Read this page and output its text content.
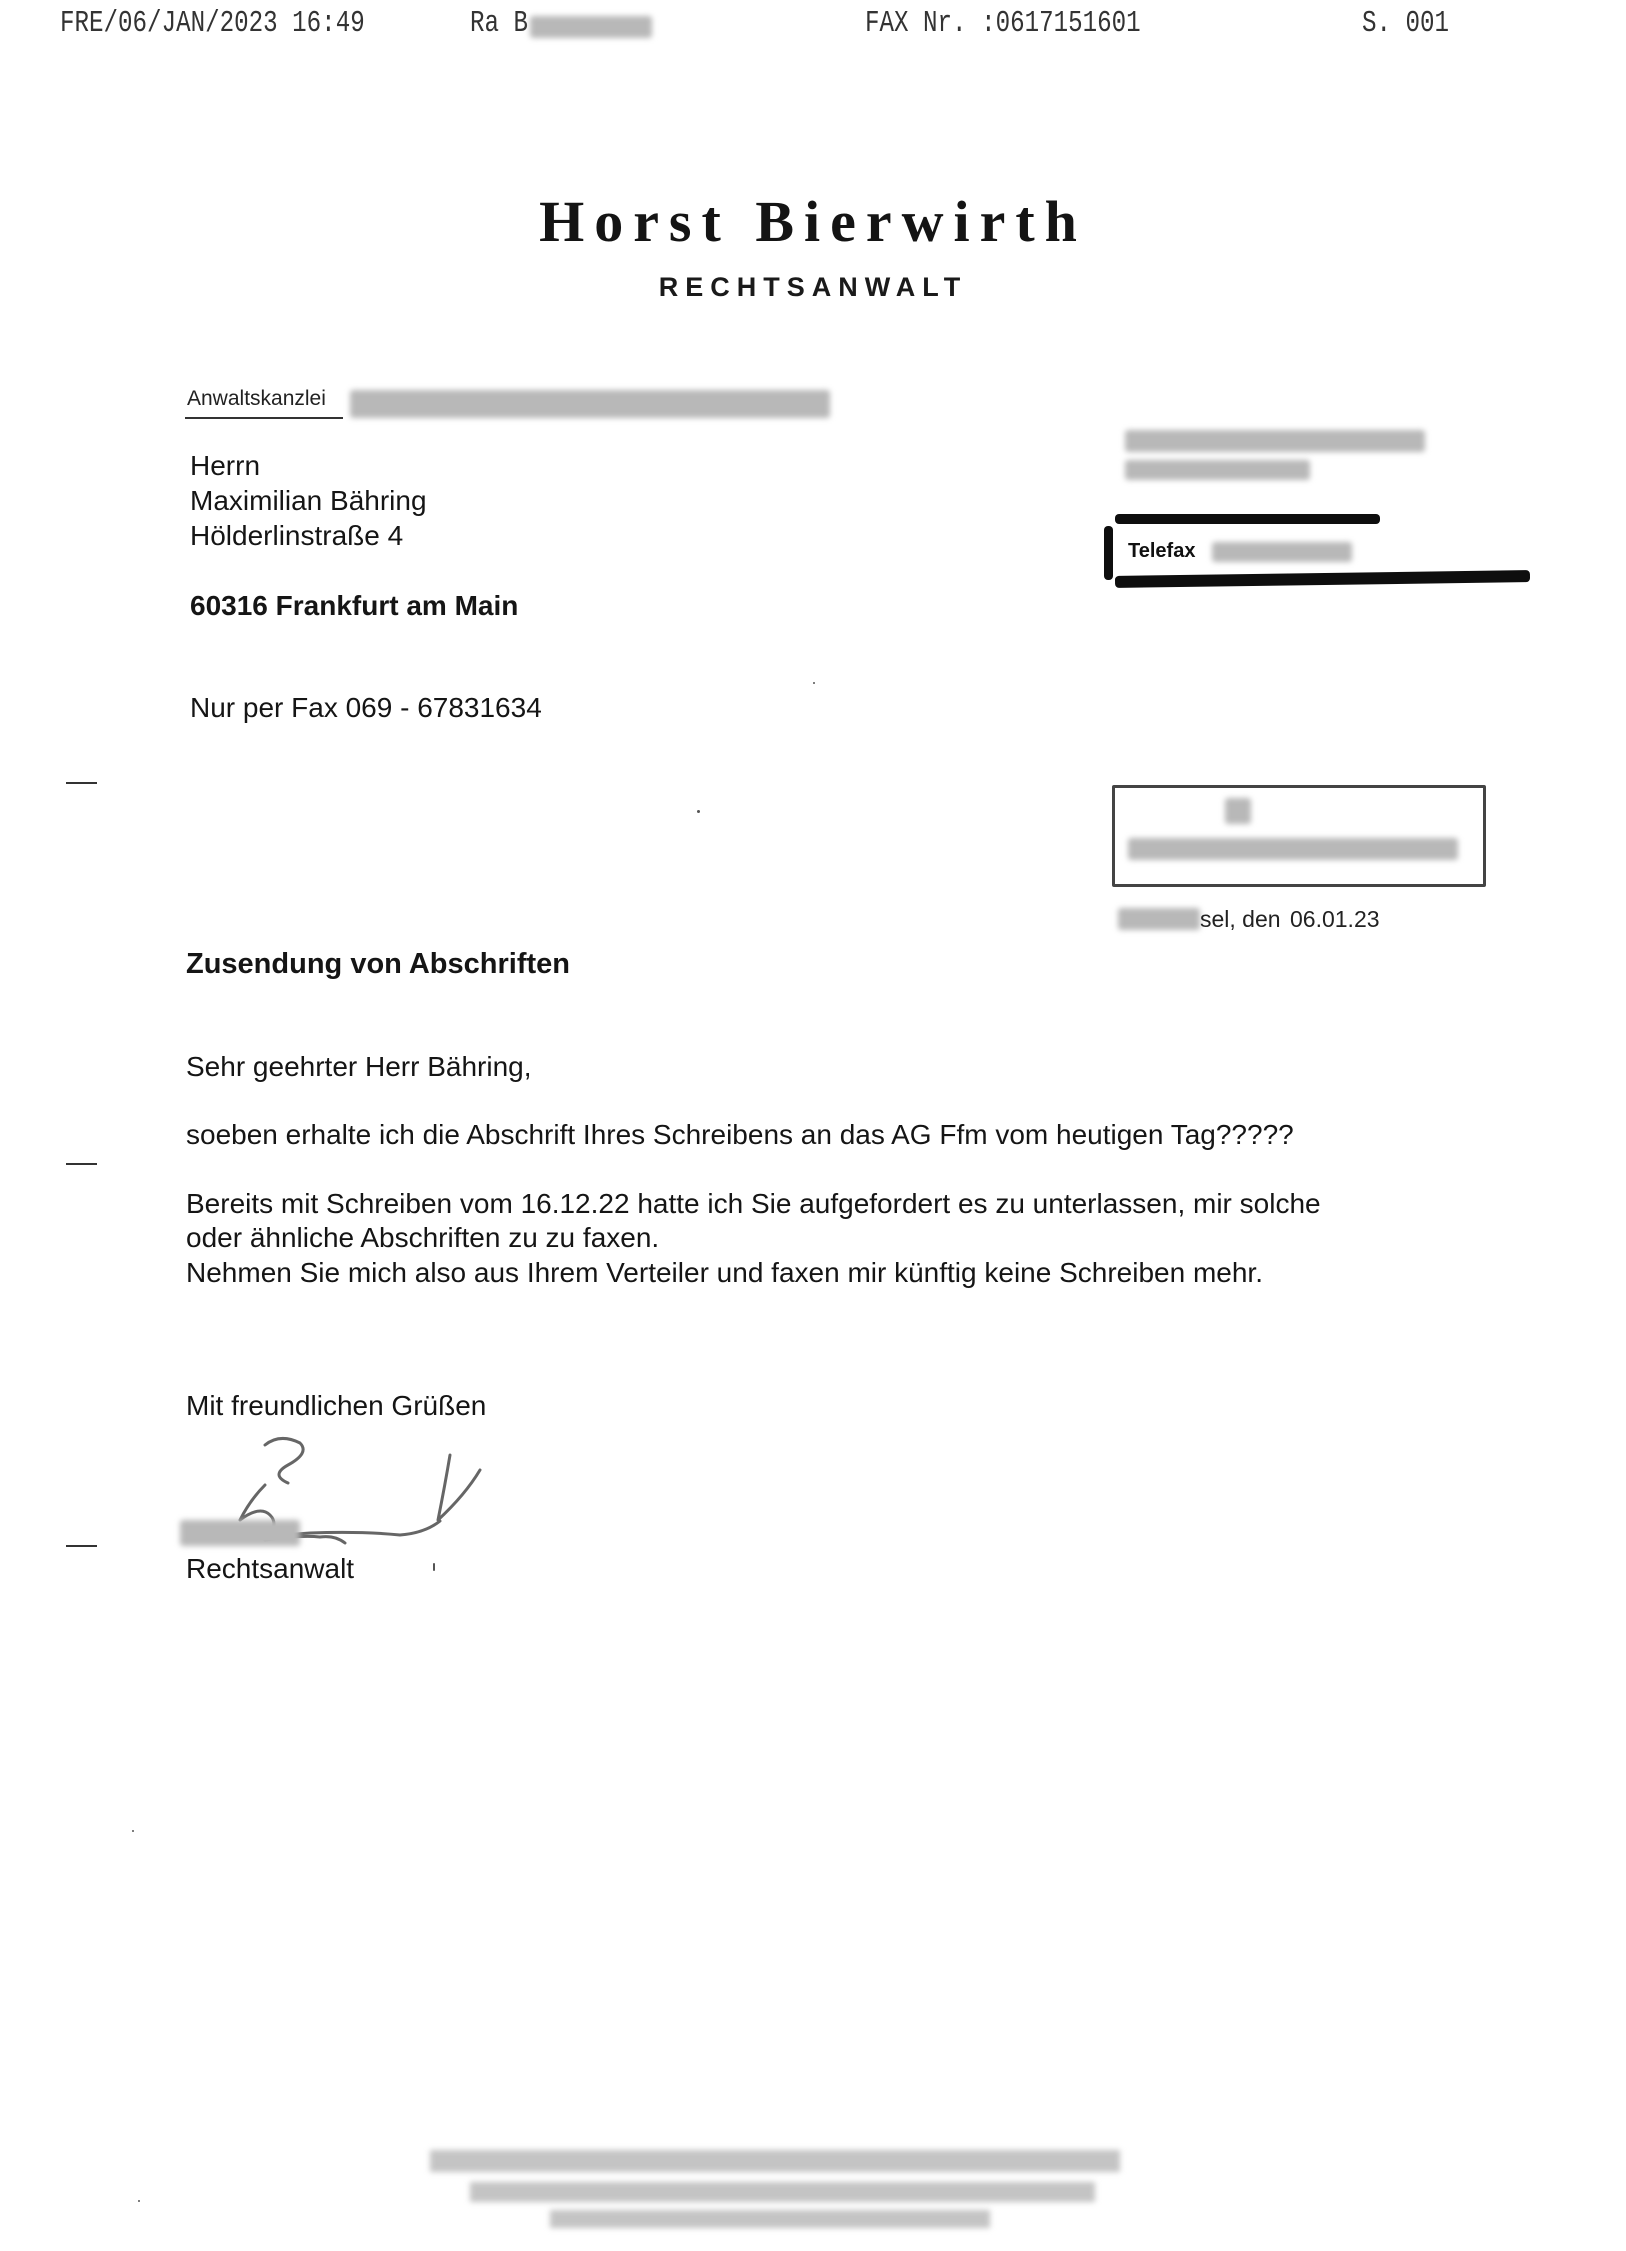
FRE/06/JAN/2023 16:49	Ra B	FAX Nr. :0617151601	S. 001
Horst Bierwirth
RECHTSANWALT
Anwaltskanzlei
Herrn
Maximilian Bähring
Hölderlinstraße 4
60316 Frankfurt am Main
Nur per Fax 069 - 67831634
Telefax
sel, den 06.01.23
Zusendung von Abschriften
Sehr geehrter Herr Bähring,
soeben erhalte ich die Abschrift Ihres Schreibens an das AG Ffm vom heutigen Tag?????
Bereits mit Schreiben vom 16.12.22 hatte ich Sie aufgefordert es zu unterlassen, mir solche
oder ähnliche Abschriften zu zu faxen.
Nehmen Sie mich also aus Ihrem Verteiler und faxen mir künftig keine Schreiben mehr.
Mit freundlichen Grüßen
Rechtsanwalt
